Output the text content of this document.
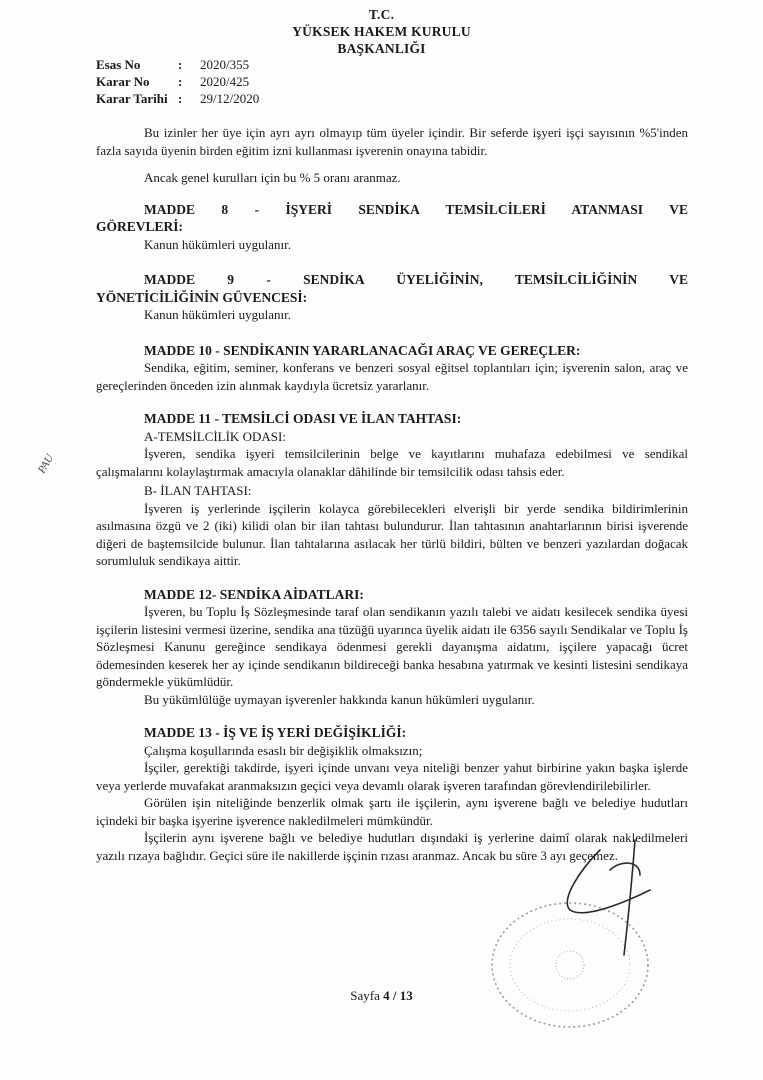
T.C.
YÜKSEK HAKEM KURULU
BAŞKANLIĞI
Esas No	:	2020/355
Karar No	:	2020/425
Karar Tarihi :	29/12/2020
Bu izinler her üye için ayrı ayrı olmayıp tüm üyeler içindir. Bir seferde işyeri işçi sayısının %5'inden fazla sayıda üyenin birden eğitim izni kullanması işverenin onayına tabidir.
Ancak genel kurulları için bu % 5 oranı aranmaz.
MADDE 8 - İŞYERİ SENDİKA TEMSİLCİLERİ ATANMASI VE
GÖREVLERİ:
Kanun hükümleri uygulanır.
MADDE 9 - SENDİKA ÜYELİĞİNİN, TEMSİLCİLİĞİNİN VE
YÖNETİCİLİĞİNİN GÜVENCESİ:
Kanun hükümleri uygulanır.
MADDE 10 - SENDİKANIN YARARLANACAĞI ARAÇ VE GEREÇLER:
Sendika, eğitim, seminer, konferans ve benzeri sosyal eğitsel toplantıları için; işverenin salon, araç ve gereçlerinden önceden izin alınmak kaydıyla ücretsiz yararlanır.
MADDE 11 - TEMSİLCİ ODASI VE İLAN TAHTASI:
A-TEMSİLCİLİK ODASI:
İşveren, sendika işyeri temsilcilerinin belge ve kayıtlarını muhafaza edebilmesi ve sendikal çalışmalarını kolaylaştırmak amacıyla olanaklar dâhilinde bir temsilcilik odası tahsis eder.
B- İLAN TAHTASI:
İşveren iş yerlerinde işçilerin kolayca görebilecekleri elverişli bir yerde sendika bildirimlerinin asılmasına özgü ve 2 (iki) kilidi olan bir ilan tahtası bulundurur. İlan tahtasının anahtarlarının birisi işverende diğeri de baştemsilcide bulunur. İlan tahtalarına asılacak her türlü bildiri, bülten ve benzeri yazılardan doğacak sorumluluk sendikaya aittir.
MADDE 12- SENDİKA AİDATLARI:
İşveren, bu Toplu İş Sözleşmesinde taraf olan sendikanın yazılı talebi ve aidatı kesilecek sendika üyesi işçilerin listesini vermesi üzerine, sendika ana tüzüğü uyarınca üyelik aidatı ile 6356 sayılı Sendikalar ve Toplu İş Sözleşmesi Kanunu gereğince sendikaya ödenmesi gerekli dayanışma aidatını, işçilere yapacağı ücret ödemesinden keserek her ay içinde sendikanın bildireceği banka hesabına yatırmak ve kesinti listesini sendikaya göndermekle yükümlüdür.
Bu yükümlülüğe uymayan işverenler hakkında kanun hükümleri uygulanır.
MADDE 13 - İŞ VE İŞ YERİ DEĞİŞİKLİĞİ:
Çalışma koşullarında esaslı bir değişiklik olmaksızın;
İşçiler, gerektiği takdirde, işyeri içinde unvanı veya niteliği benzer yahut birbirine yakın başka işlerde veya yerlerde muvafakat aranmaksızın geçici veya devamlı olarak işveren tarafından görevlendirilebilirler.
Görülen işin niteliğinde benzerlik olmak şartı ile işçilerin, aynı işverene bağlı ve belediye hudutları içindeki bir başka işyerine işverence nakledilmeleri mümkündür.
İşçilerin aynı işverene bağlı ve belediye hudutları dışındaki iş yerlerine daimî olarak nakledilmeleri yazılı rızaya bağlıdır. Geçici süre ile nakillerde işçinin rızası aranmaz. Ancak bu süre 3 ayı geçemez.
PAU
Sayfa 4 / 13
